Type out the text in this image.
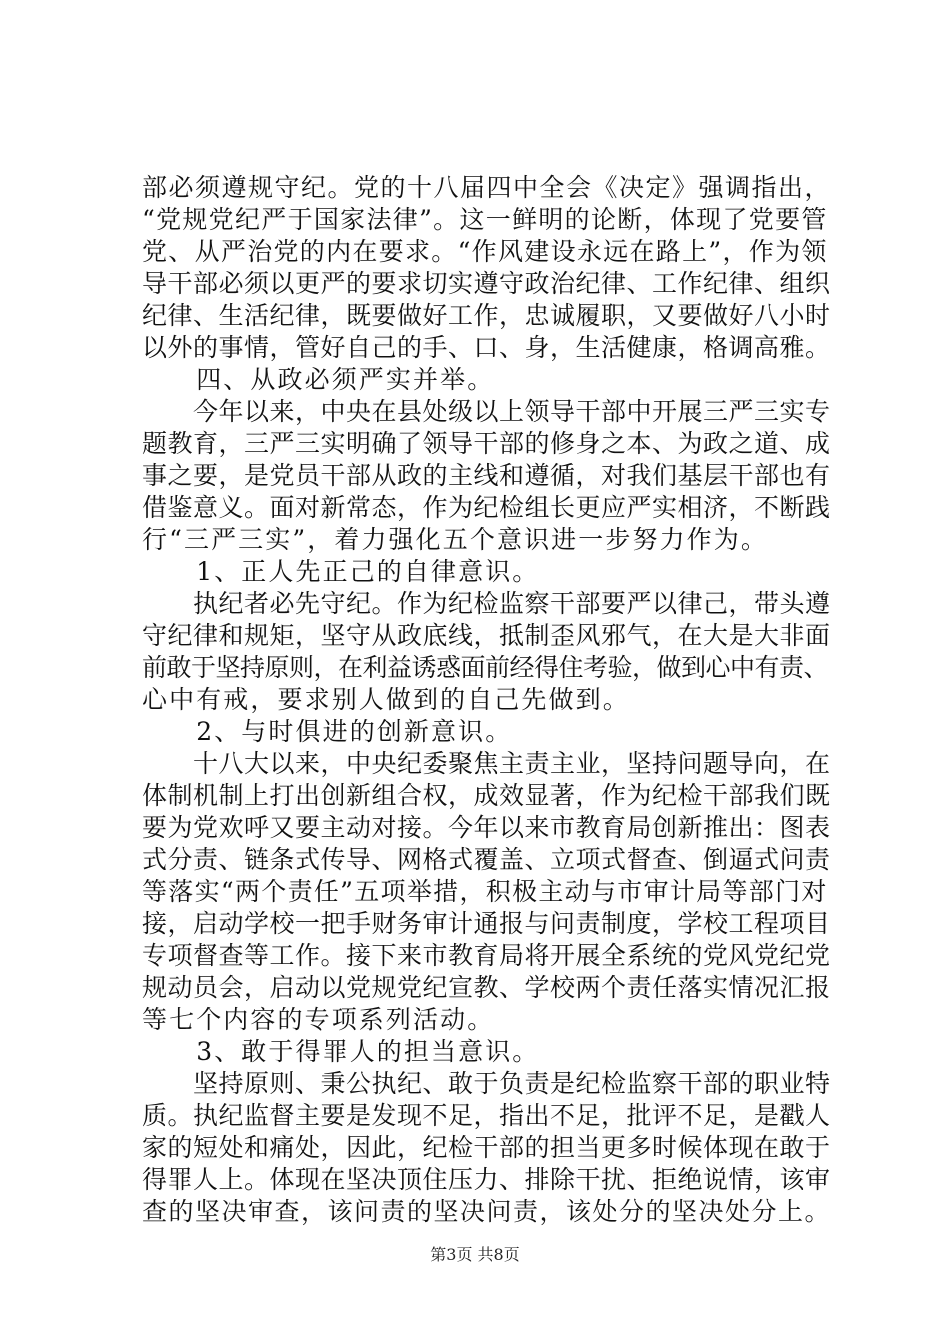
部必须遵规守纪。党的十八届四中全会《决定》强调指出，
“党规党纪严于国家法律”。这一鲜明的论断，体现了党要管
党、从严治党的内在要求。“作风建设永远在路上”，作为领
导干部必须以更严的要求切实遵守政治纪律、工作纪律、组织
纪律、生活纪律，既要做好工作，忠诚履职，又要做好八小时
以外的事情，管好自己的手、口、身，生活健康，格调高雅。
　　四、从政必须严实并举。
　　今年以来，中央在县处级以上领导干部中开展三严三实专
题教育，三严三实明确了领导干部的修身之本、为政之道、成
事之要，是党员干部从政的主线和遵循，对我们基层干部也有
借鉴意义。面对新常态，作为纪检组长更应严实相济，不断践
行“三严三实”，着力强化五个意识进一步努力作为。
　　1、正人先正己的自律意识。
　　执纪者必先守纪。作为纪检监察干部要严以律己，带头遵
守纪律和规矩，坚守从政底线，抵制歪风邪气，在大是大非面
前敢于坚持原则，在利益诱惑面前经得住考验，做到心中有责、
心中有戒，要求别人做到的自己先做到。
　　2、与时俱进的创新意识。
　　十八大以来，中央纪委聚焦主责主业，坚持问题导向，在
体制机制上打出创新组合权，成效显著，作为纪检干部我们既
要为党欢呼又要主动对接。今年以来市教育局创新推出：图表
式分责、链条式传导、网格式覆盖、立项式督查、倒逼式问责
等落实“两个责任”五项举措，积极主动与市审计局等部门对
接，启动学校一把手财务审计通报与问责制度，学校工程项目
专项督查等工作。接下来市教育局将开展全系统的党风党纪党
规动员会，启动以党规党纪宣教、学校两个责任落实情况汇报
等七个内容的专项系列活动。
　　3、敢于得罪人的担当意识。
　　坚持原则、秉公执纪、敢于负责是纪检监察干部的职业特
质。执纪监督主要是发现不足，指出不足，批评不足，是戳人
家的短处和痛处，因此，纪检干部的担当更多时候体现在敢于
得罪人上。体现在坚决顶住压力、排除干扰、拒绝说情，该审
查的坚决审查，该问责的坚决问责，该处分的坚决处分上。
第3页 共8页
